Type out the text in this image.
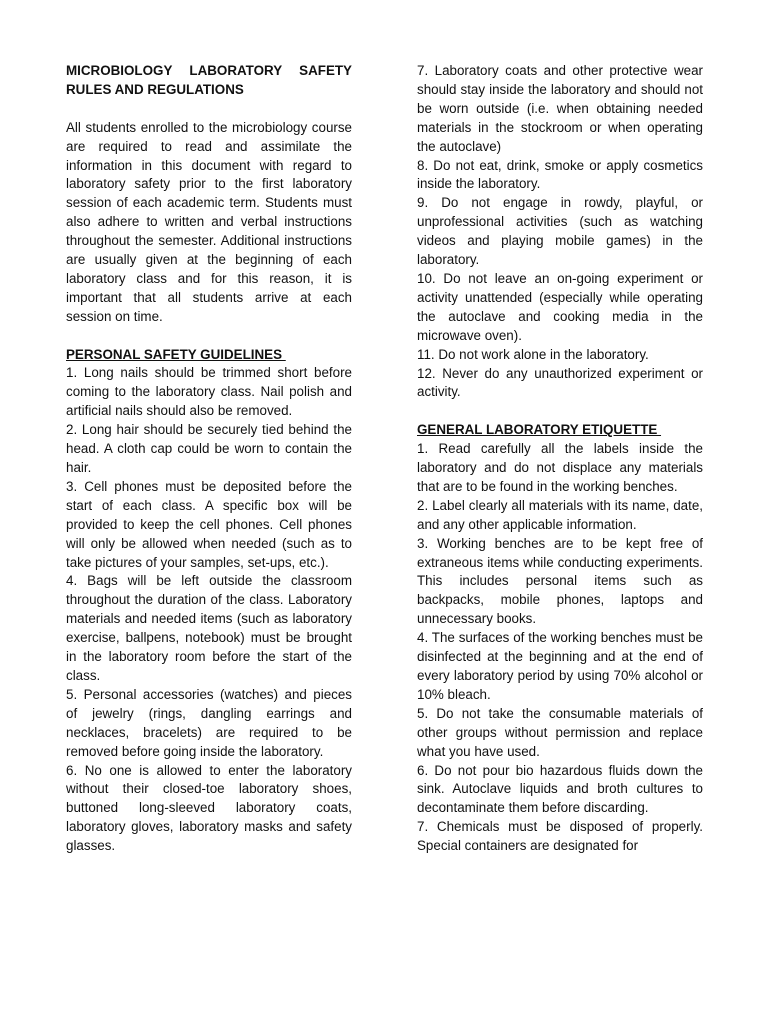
MICROBIOLOGY LABORATORY SAFETY RULES AND REGULATIONS

All students enrolled to the microbiology course are required to read and assimilate the information in this document with regard to laboratory safety prior to the first laboratory session of each academic term. Students must also adhere to written and verbal instructions throughout the semester. Additional instructions are usually given at the beginning of each laboratory class and for this reason, it is important that all students arrive at each session on time.

PERSONAL SAFETY GUIDELINES

1. Long nails should be trimmed short before coming to the laboratory class. Nail polish and artificial nails should also be removed.

2. Long hair should be securely tied behind the head. A cloth cap could be worn to contain the hair.

3. Cell phones must be deposited before the start of each class. A specific box will be provided to keep the cell phones. Cell phones will only be allowed when needed (such as to take pictures of your samples, set-ups, etc.).

4. Bags will be left outside the classroom throughout the duration of the class. Laboratory materials and needed items (such as laboratory exercise, ballpens, notebook) must be brought in the laboratory room before the start of the class.

5. Personal accessories (watches) and pieces of jewelry (rings, dangling earrings and necklaces, bracelets) are required to be removed before going inside the laboratory.

6. No one is allowed to enter the laboratory without their closed-toe laboratory shoes, buttoned long-sleeved laboratory coats, laboratory gloves, laboratory masks and safety glasses.

7. Laboratory coats and other protective wear should stay inside the laboratory and should not be worn outside (i.e. when obtaining needed materials in the stockroom or when operating the autoclave)

8. Do not eat, drink, smoke or apply cosmetics inside the laboratory.

9. Do not engage in rowdy, playful, or unprofessional activities (such as watching videos and playing mobile games) in the laboratory.

10. Do not leave an on-going experiment or activity unattended (especially while operating the autoclave and cooking media in the microwave oven).

11. Do not work alone in the laboratory.

12. Never do any unauthorized experiment or activity.

GENERAL LABORATORY ETIQUETTE

1. Read carefully all the labels inside the laboratory and do not displace any materials that are to be found in the working benches.

2. Label clearly all materials with its name, date, and any other applicable information.

3. Working benches are to be kept free of extraneous items while conducting experiments. This includes personal items such as backpacks, mobile phones, laptops and unnecessary books.

4. The surfaces of the working benches must be disinfected at the beginning and at the end of every laboratory period by using 70% alcohol or 10% bleach.

5. Do not take the consumable materials of other groups without permission and replace what you have used.

6. Do not pour bio hazardous fluids down the sink. Autoclave liquids and broth cultures to decontaminate them before discarding.

7. Chemicals must be disposed of properly. Special containers are designated for
